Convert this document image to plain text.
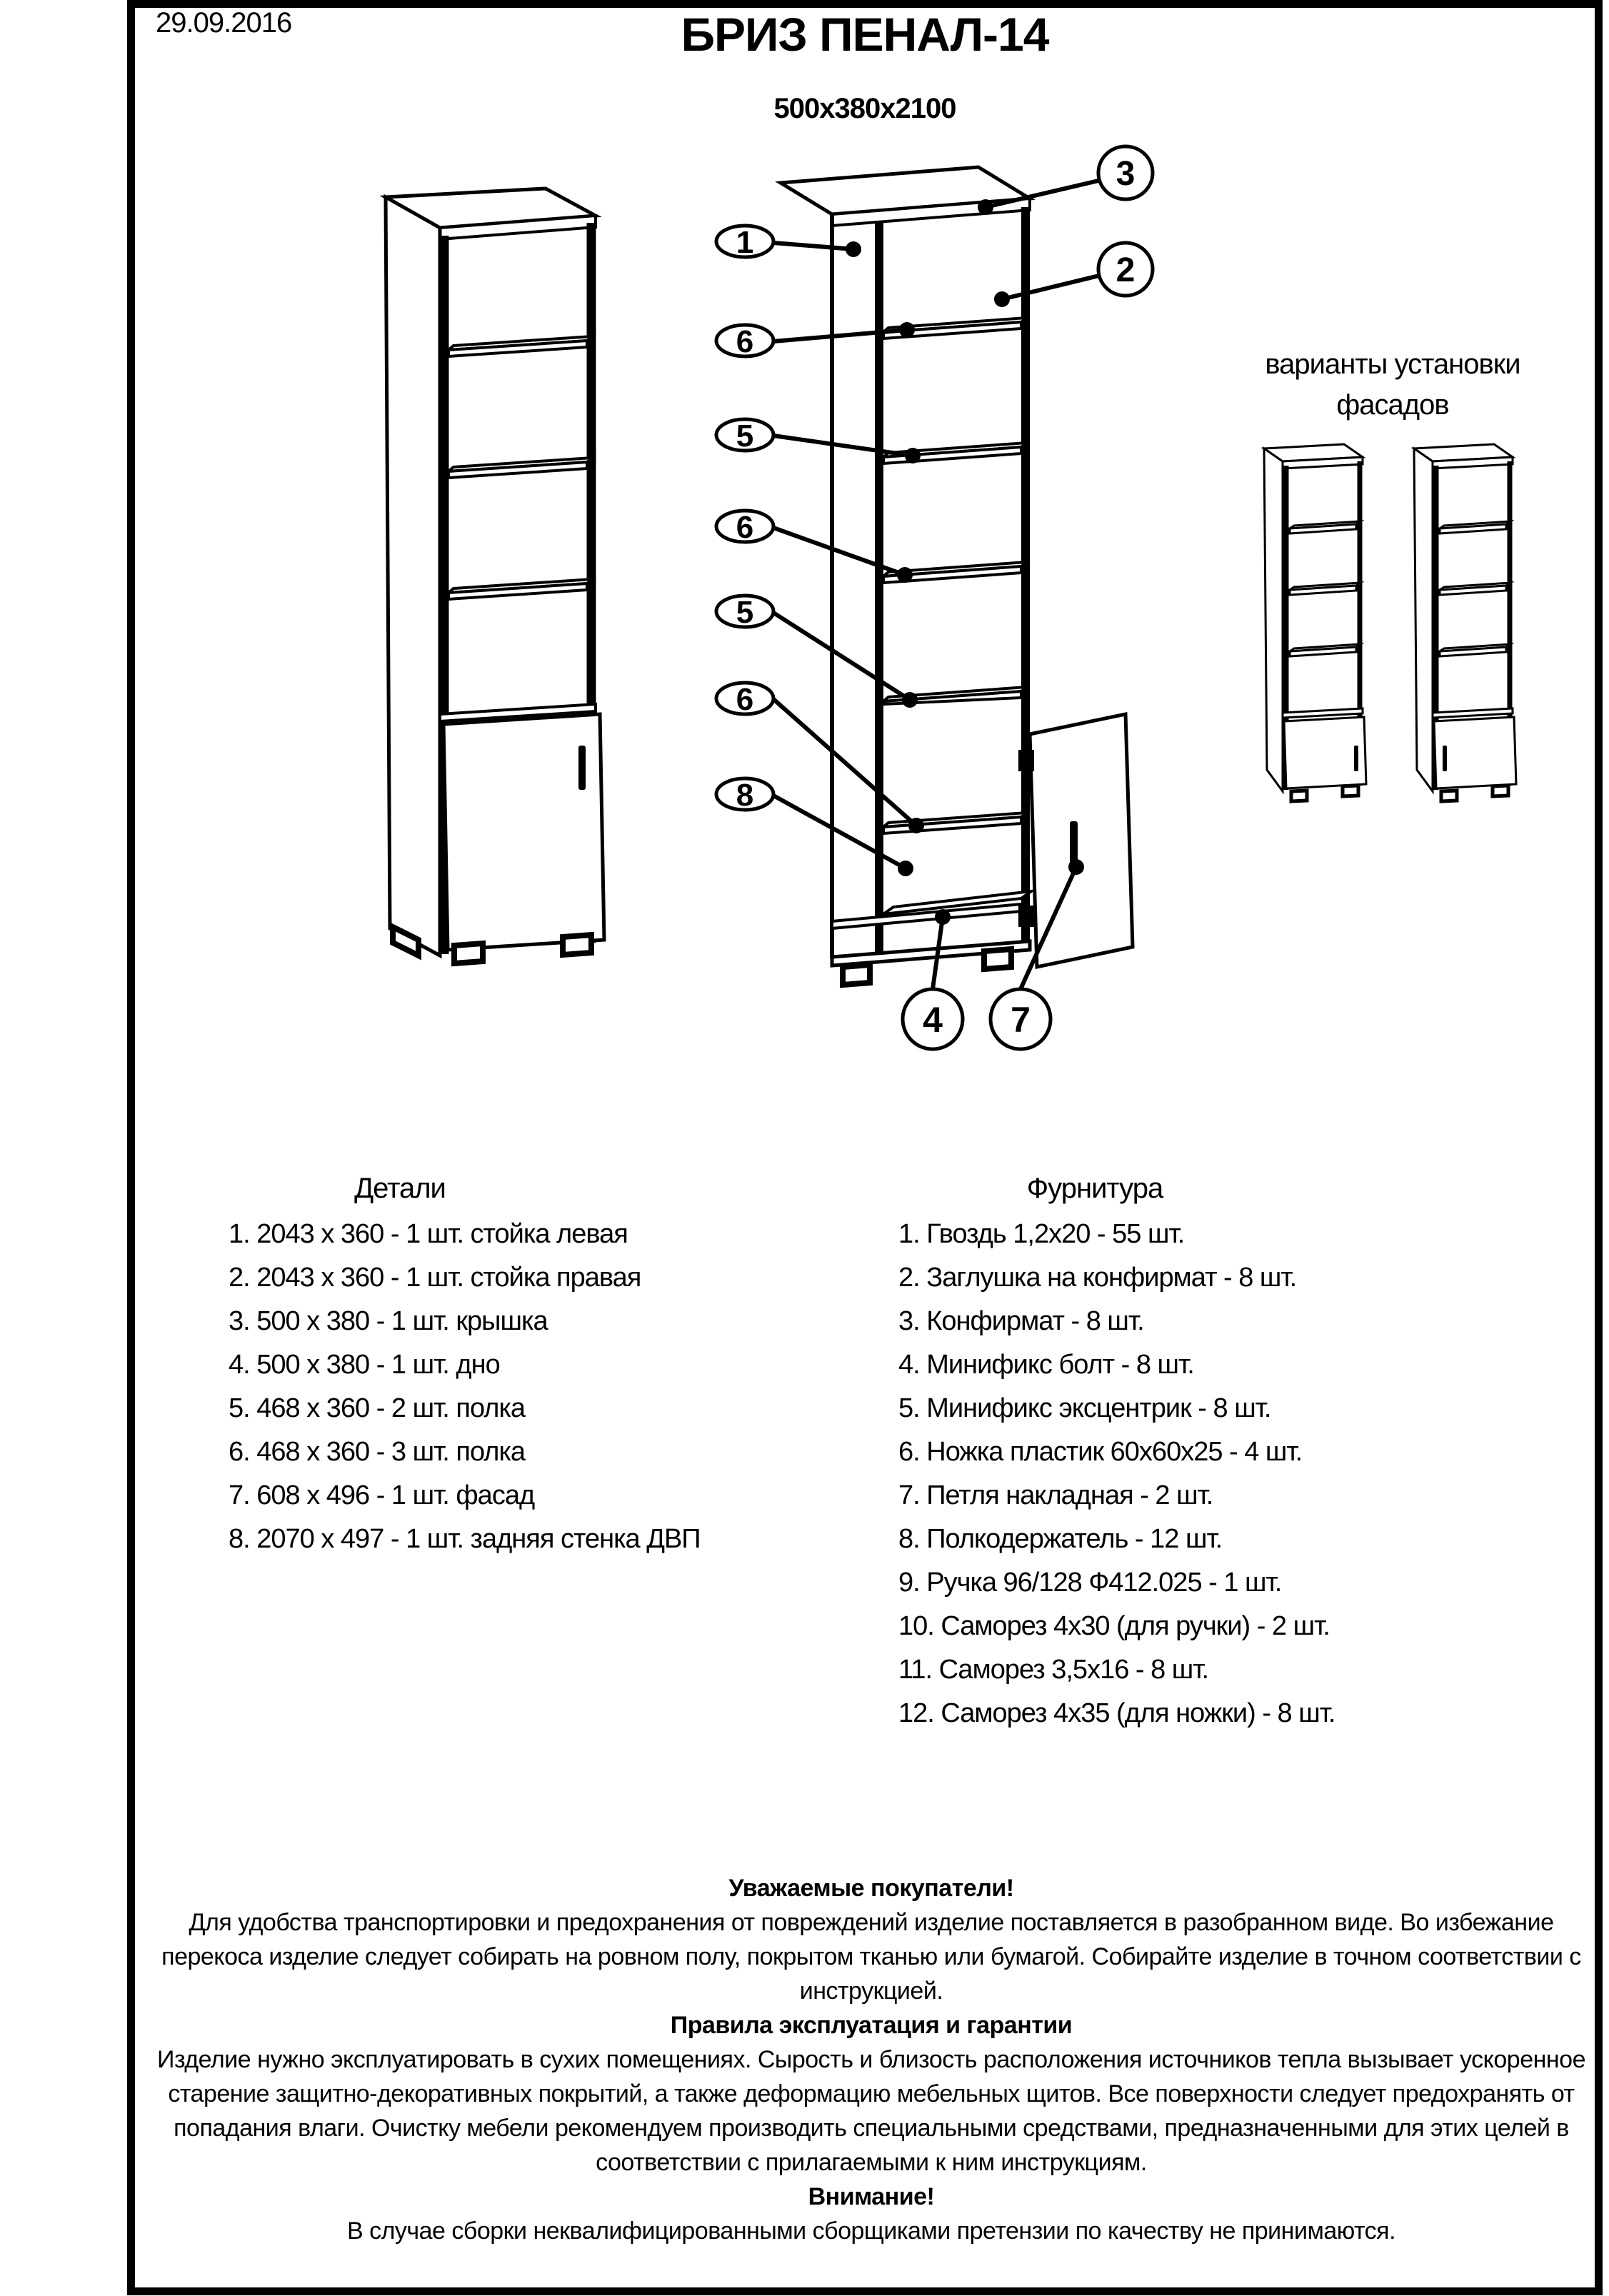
29.09.2016	БРИЗ ПЕНАЛ-14
500х380х2100
3
2
1
6
5
6
5
6
8
4 7
варианты установки
фасадов
Детали
1. 2043 х 360 - 1 шт. стойка левая
2. 2043 х 360 - 1 шт. стойка правая
3. 500 х 380 - 1 шт. крышка
4. 500 х 380 - 1 шт. дно
5. 468 х 360 - 2 шт. полка
6. 468 х 360 - 3 шт. полка
7. 608 х 496 - 1 шт. фасад
8. 2070 х 497 - 1 шт. задняя стенка ДВП
Фурнитура
1. Гвоздь 1,2х20 - 55 шт.
2. Заглушка на конфирмат - 8 шт.
3. Конфирмат - 8 шт.
4. Минификс болт - 8 шт.
5. Минификс эксцентрик - 8 шт.
6. Ножка пластик 60х60х25 - 4 шт.
7. Петля накладная - 2 шт.
8. Полкодержатель - 12 шт.
9. Ручка 96/128 Ф412.025 - 1 шт.
10. Саморез 4х30 (для ручки) - 2 шт.
11. Саморез 3,5х16 - 8 шт.
12. Саморез 4х35 (для ножки) - 8 шт.

Уважаемые покупатели!

Для удобства транспортировки и предохранения от повреждений изделие поставляется в разобранном виде. Во избежание перекоса изделие следует собирать на ровном полу, покрытом тканью или бумагой. Собирайте изделие в точном соответствии с инструкцией.

Правила эксплуатация и гарантии

Изделие нужно эксплуатировать в сухих помещениях. Сырость и близость расположения источников тепла вызывает ускоренное старение защитно-декоративных покрытий, а также деформацию мебельных щитов. Все поверхности следует предохранять от попадания влаги. Очистку мебели рекомендуем производить специальными средствами, предназначенными для этих целей в соответствии с прилагаемыми к ним инструкциям.

Внимание!

В случае сборки неквалифицированными сборщиками претензии по качеству не принимаются.
